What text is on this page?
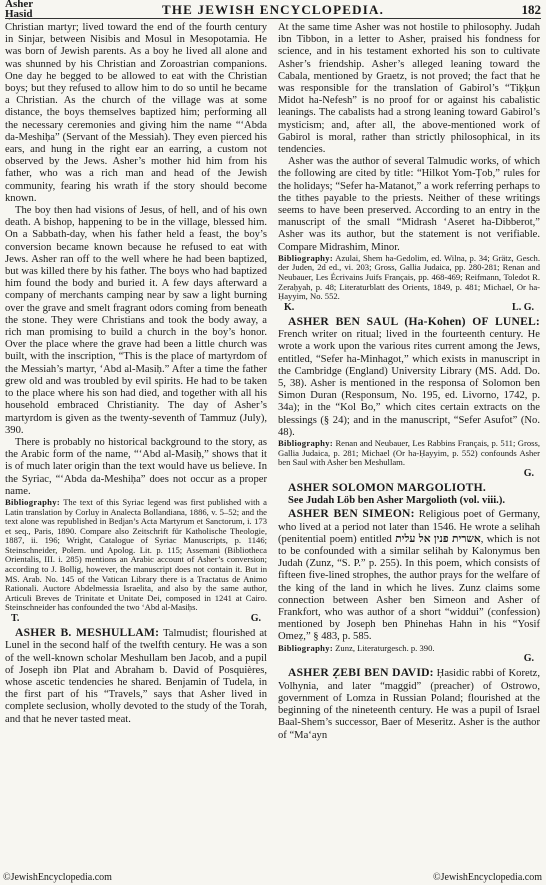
Asher
Ḥasid	THE JEWISH ENCYCLOPEDIA.	182

Christian martyr; lived toward the end of the fourth century in Sinjar, between Nisibis and Mosul in Mesopotamia. He was born of Jewish parents. As a boy he lived all alone and was shunned by his Christian and Zoroastrian companions. One day he begged to be allowed to eat with the Christian boys; but they refused to allow him to do so until he became a Christian. As the church of the village was at some distance, the boys themselves baptized him; performing all the necessary ceremonies and giving him the name “‘Abda da-Meshiḥa” (Servant of the Messiah). They even pierced his ears, and hung in the right ear an earring, a custom not observed by the Jews. Asher’s mother hid him from his father, who was a rich man and head of the Jewish community, fearing his wrath if the story should become known.

The boy then had visions of Jesus, of hell, and of his own death. A bishop, happening to be in the village, blessed him. On a Sabbath-day, when his father held a feast, the boy’s conversion became known because he refused to eat with Jews. Asher ran off to the well where he had been baptized, but was killed there by his father. The boys who had baptized him found the body and buried it. A few days afterward a company of merchants camping near by saw a light burning over the grave and smelt fragrant odors coming from beneath the stone. They were Christians and took the body away, a rich man promising to build a church in the boy’s honor. Over the place where the grave had been a little church was built, with the inscription, “This is the place of martyrdom of the Messiah’s martyr, ‘Abd al-Masiḥ.” After a time the father grew old and was troubled by evil spirits. He had to be taken to the place where his son had died, and together with all his household embraced Christianity. The day of Asher’s martyrdom is given as the twenty-seventh of Tammuz (July), 390.

There is probably no historical background to the story, as the Arabic form of the name, “‘Abd al-Masiḥ,” shows that it is of much later origin than the text would have us believe. In the Syriac, “‘Abda da-Meshiḥa” does not occur as a proper name.

Bibliography: The text of this Syriac legend was first published with a Latin translation by Corluy in Analecta Bollandiana, 1886, v. 5–52; and the text alone was republished in Bedjan’s Acta Martyrum et Sanctorum, i. 173 et seq., Paris, 1890. Compare also Zeitschrift für Katholische Theologie, 1887, ii. 196; Wright, Catalogue of Syriac Manuscripts, p. 1146; Steinschneider, Polem. und Apolog. Lit. p. 115; Assemani (Bibliotheca Orientalis, III. i. 285) mentions an Arabic account of Asher’s conversion; according to J. Bollig, however, the manuscript does not contain it. But in MS. Arab. No. 145 of the Vatican Library there is a Tractatus de Animo Rationali. Auctore Abdelmessia Israelita, and also by the same author, Articuli Breves de Trinitate et Unitate Dei, composed in 1241 at Cairo. Steinschneider has confounded the two ‘Abd al-Masiḥs.

T.	G.

ASHER B. MESHULLAM: Talmudist; flourished at Lunel in the second half of the twelfth century. He was a son of the well-known scholar Meshullam ben Jacob, and a pupil of Joseph ibn Plat and Abraham b. David of Posquières, whose ascetic tendencies he shared. Benjamin of Tudela, in the first part of his “Travels,” says that Asher lived in complete seclusion, wholly devoted to the study of the Torah, and that he never tasted meat.

At the same time Asher was not hostile to philosophy. Judah ibn Tibbon, in a letter to Asher, praised his fondness for science, and in his testament exhorted his son to cultivate Asher’s friendship. Asher’s alleged leaning toward the Cabala, mentioned by Graetz, is not proved; the fact that he was responsible for the translation of Gabirol’s “Tiḳḳun Midot ha-Nefesh” is no proof for or against his cabalistic leanings. The cabalists had a strong leaning toward Gabirol’s mysticism; and, after all, the above-mentioned work of Gabirol is moral, rather than strictly philosophical, in its tendencies.

Asher was the author of several Talmudic works, of which the following are cited by title: “Hilkot Yom-Ṭob,” rules for the holidays; “Sefer ha-Matanot,” a work referring perhaps to the tithes payable to the priests. Neither of these writings seems to have been preserved. According to an entry in the manuscript of the small “Midrash ‘Aseret ha-Dibberot,” Asher was its author, but the statement is not verifiable. Compare Midrashim, Minor.

Bibliography: Azulai, Shem ha-Gedolim, ed. Wilna, p. 34; Grätz, Gesch. der Juden, 2d ed., vi. 203; Gross, Gallia Judaica, pp. 280-281; Renan and Neubauer, Les Écrivains Juifs Français, pp. 468-469; Reifmann, Toledot R. Zeraḥyah, p. 48; Literaturblatt des Orients, 1849, p. 481; Michael, Or ha-Ḥayyim, No. 552.

K.	L. G.

ASHER BEN SAUL (Ha-Kohen) OF LUNEL: French writer on ritual; lived in the fourteenth century. He wrote a work upon the various rites current among the Jews, entitled, “Sefer ha-Minhagot,” which exists in manuscript in the Cambridge (England) University Library (MS. Add. Do. 5, 38). Asher is mentioned in the responsa of Solomon ben Simon Duran (Responsum, No. 195, ed. Livorno, 1742, p. 34a); in the “Kol Bo,” which cites certain extracts on the blessings (§ 24); and in the manuscript, “Sefer Asufot” (No. 48).

Bibliography: Renan and Neubauer, Les Rabbins Français, p. 511; Gross, Gallia Judaica, p. 281; Michael (Or ha-Ḥayyim, p. 552) confounds Asher ben Saul with Asher ben Meshullam.

G.

ASHER SOLOMON MARGOLIOTH.

See Judah Löb ben Asher Margolioth (vol. viii.).

ASHER BEN SIMEON: Religious poet of Germany, who lived at a period not later than 1546. He wrote a selihah (penitential poem) entitled אשרית פנין אל עלית, which is not to be confounded with a similar selihah by Kalonymus ben Judah (Zunz, “S. P.” p. 255). In this poem, which consists of fifteen five-lined strophes, the author prays for the welfare of the king of the land in which he lives. Zunz claims some connection between Asher ben Simeon and Asher of Frankfort, who was author of a short “widdui” (confession) mentioned by Joseph ben Phinehas Hahn in his “Yosif Omeẓ,” § 483, p. 585.

Bibliography: Zunz, Literaturgesch. p. 390.

G.

ASHER ẒEBI BEN DAVID: Ḥasidic rabbi of Koretz, Volhynia, and later “maggid” (preacher) of Ostrowo, government of Lomza in Russian Poland; flourished at the beginning of the nineteenth century. He was a pupil of Israel Baal-Shem’s successor, Baer of Meseritz. Asher is the author of “Ma‘ayn

©JewishEncyclopedia.com	©JewishEncyclopedia.com
